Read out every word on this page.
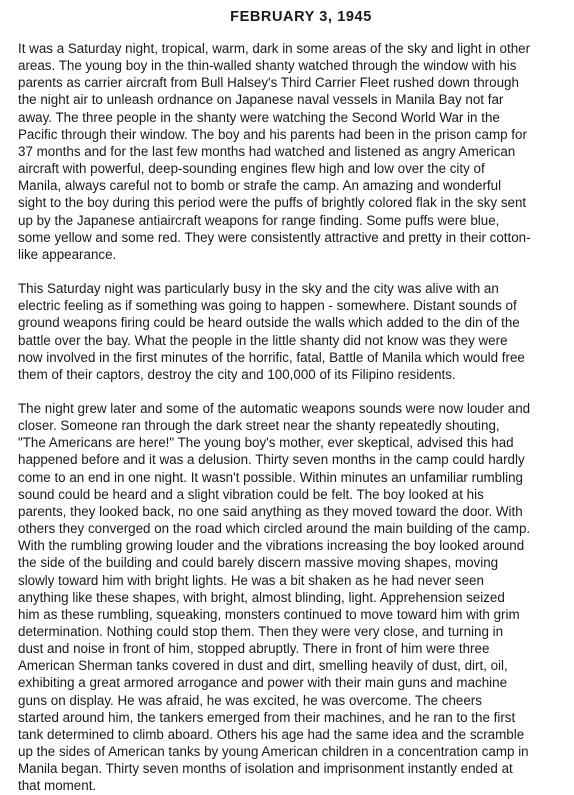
FEBRUARY 3, 1945

It was a Saturday night, tropical, warm, dark in some areas of the sky and light in other
areas. The young boy in the thin-walled shanty watched through the window with his
parents as carrier aircraft from Bull Halsey's Third Carrier Fleet rushed down through
the night air to unleash ordnance on Japanese naval vessels in Manila Bay not far
away. The three people in the shanty were watching the Second World War in the
Pacific through their window. The boy and his parents had been in the prison camp for
37 months and for the last few months had watched and listened as angry American
aircraft with powerful, deep-sounding engines flew high and low over the city of
Manila, always careful not to bomb or strafe the camp. An amazing and wonderful
sight to the boy during this period were the puffs of brightly colored flak in the sky sent
up by the Japanese antiaircraft weapons for range finding. Some puffs were blue,
some yellow and some red. They were consistently attractive and pretty in their cotton-
like appearance.

This Saturday night was particularly busy in the sky and the city was alive with an
electric feeling as if something was going to happen - somewhere. Distant sounds of
ground weapons firing could be heard outside the walls which added to the din of the
battle over the bay. What the people in the little shanty did not know was they were
now involved in the first minutes of the horrific, fatal, Battle of Manila which would free
them of their captors, destroy the city and 100,000 of its Filipino residents.

The night grew later and some of the automatic weapons sounds were now louder and
closer. Someone ran through the dark street near the shanty repeatedly shouting,
"The Americans are here!" The young boy's mother, ever skeptical, advised this had
happened before and it was a delusion. Thirty seven months in the camp could hardly
come to an end in one night. It wasn't possible. Within minutes an unfamiliar rumbling
sound could be heard and a slight vibration could be felt. The boy looked at his
parents, they looked back, no one said anything as they moved toward the door. With
others they converged on the road which circled around the main building of the camp.
With the rumbling growing louder and the vibrations increasing the boy looked around
the side of the building and could barely discern massive moving shapes, moving
slowly toward him with bright lights. He was a bit shaken as he had never seen
anything like these shapes, with bright, almost blinding, light. Apprehension seized
him as these rumbling, squeaking, monsters continued to move toward him with grim
determination. Nothing could stop them. Then they were very close, and turning in
dust and noise in front of him, stopped abruptly. There in front of him were three
American Sherman tanks covered in dust and dirt, smelling heavily of dust, dirt, oil,
exhibiting a great armored arrogance and power with their main guns and machine
guns on display. He was afraid, he was excited, he was overcome. The cheers
started around him, the tankers emerged from their machines, and he ran to the first
tank determined to climb aboard. Others his age had the same idea and the scramble
up the sides of American tanks by young American children in a concentration camp in
Manila began. Thirty seven months of isolation and imprisonment instantly ended at
that moment.
